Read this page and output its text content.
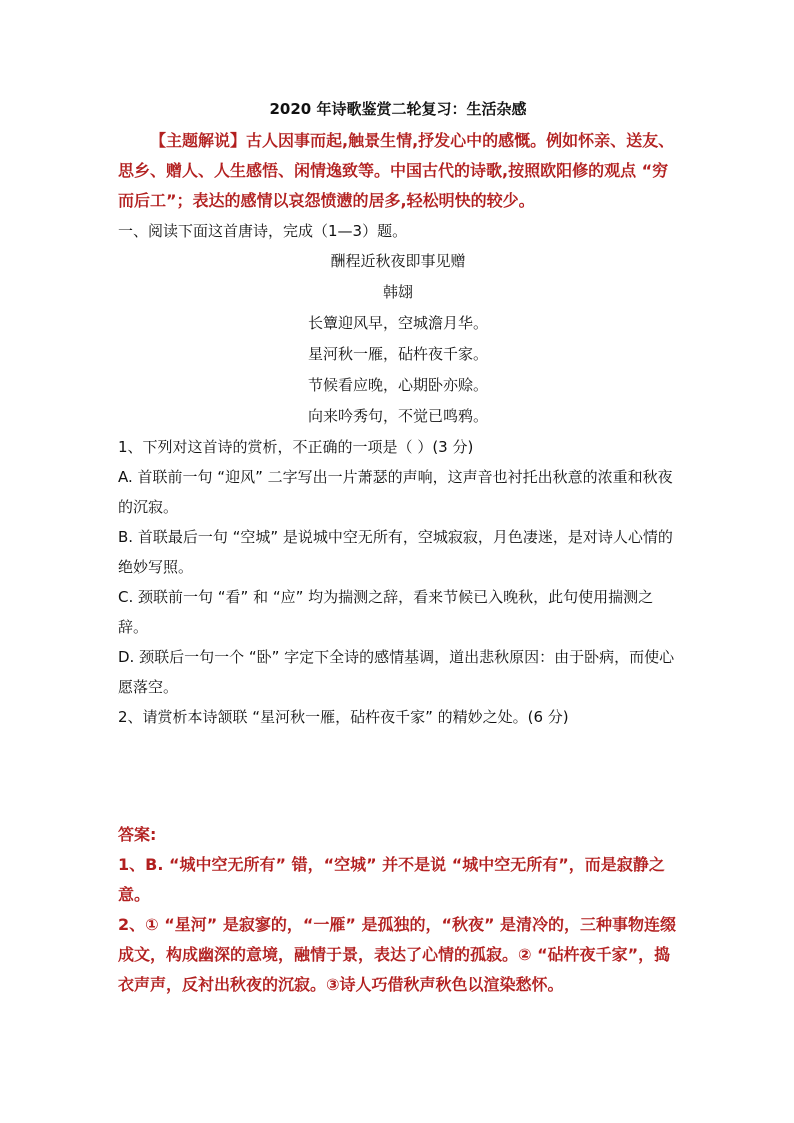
2020 年诗歌鉴赏二轮复习：生活杂感

【主题解说】古人因事而起,触景生情,抒发心中的感慨。例如怀亲、送友、思乡、赠人、人生感悟、闲情逸致等。中国古代的诗歌,按照欧阳修的观点 “穷而后工”；表达的感情以哀怨愤懑的居多,轻松明快的较少。

一、阅读下面这首唐诗，完成（1—3）题。

酬程近秋夜即事见赠

韩翃

长簟迎风早，空城澹月华。

星河秋一雁，砧杵夜千家。

节候看应晚，心期卧亦赊。

向来吟秀句，不觉已鸣鸦。

1、下列对这首诗的赏析，不正确的一项是（ ）(3 分)

A. 首联前一句 “迎风” 二字写出一片萧瑟的声响，这声音也衬托出秋意的浓重和秋夜的沉寂。

B. 首联最后一句 “空城” 是说城中空无所有，空城寂寂，月色凄迷，是对诗人心情的绝妙写照。

C. 颈联前一句 “看” 和 “应” 均为揣测之辞，看来节候已入晚秋，此句使用揣测之辞。

D. 颈联后一句一个 “卧” 字定下全诗的感情基调，道出悲秋原因：由于卧病，而使心愿落空。

2、请赏析本诗颔联 “星河秋一雁，砧杵夜千家” 的精妙之处。(6 分)

答案:

1、B. “城中空无所有” 错，“空城” 并不是说 “城中空无所有”，而是寂静之意。

2、① “星河” 是寂寥的，“一雁” 是孤独的，“秋夜” 是清冷的，三种事物连缀成文，构成幽深的意境，融情于景，表达了心情的孤寂。② “砧杵夜千家”，捣衣声声，反衬出秋夜的沉寂。③诗人巧借秋声秋色以渲染愁怀。
